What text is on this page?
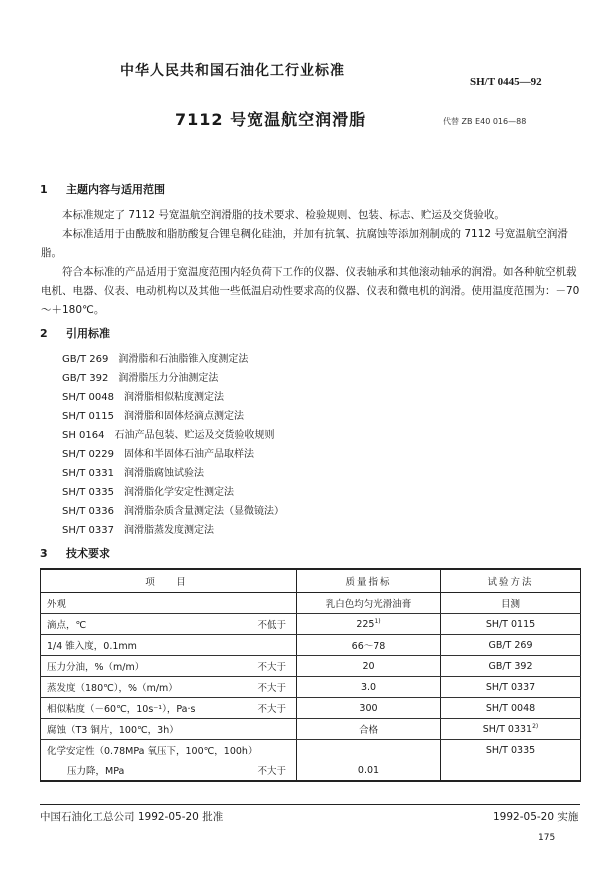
中华人民共和国石油化工行业标准
SH/T 0445—92
7112 号宽温航空润滑脂	代替 ZB E40 016—88
1 主题内容与适用范围
本标准规定了 7112 号宽温航空润滑脂的技术要求、检验规则、包装、标志、贮运及交货验收。
本标准适用于由酰胺和脂肪酸复合锂皂稠化硅油，并加有抗氧、抗腐蚀等添加剂制成的 7112 号宽温航空润滑脂。
符合本标准的产品适用于宽温度范围内轻负荷下工作的仪器、仪表轴承和其他滚动轴承的润滑。如各种航空机载电机、电器、仪表、电动机构以及其他一些低温启动性要求高的仪器、仪表和微电机的润滑。使用温度范围为：－70～＋180℃。
2 引用标准
GB/T 269　 润滑脂和石油脂锥入度测定法
GB/T 392　 润滑脂压力分油测定法
SH/T 0048　 润滑脂相似粘度测定法
SH/T 0115　 润滑脂和固体烃滴点测定法
SH 0164　 石油产品包装、贮运及交货验收规则
SH/T 0229　 固体和半固体石油产品取样法
SH/T 0331　 润滑脂腐蚀试验法
SH/T 0335　 润滑脂化学安定性测定法
SH/T 0336　 润滑脂杂质含量测定法（显微镜法）
SH/T 0337　 润滑脂蒸发度测定法
3 技术要求
项　目	质量指标	试验方法

外观	乳白色均匀光滑油膏	目测

滴点，℃ 不低于	225$^{1)}$	SH/T 0115

1/4 锥入度，0.1mm	66～78	GB/T 269

压力分油，%（m/m） 不大于	20	GB/T 392

蒸发度（180℃），%（m/m） 不大于	3.0	SH/T 0337

相似粘度（－60℃，10s⁻¹），Pa·s 不大于	300	SH/T 0048

腐蚀（T3 铜片，100℃，3h）	合格	SH/T 0331$^{2)}$
化学安定性（0.78MPa 氧压下，100℃，100h）		SH/T 0335

压力降，MPa 不大于	0.01	
中国石油化工总公司 1992-05-20 批准	1992-05-20 实施
175
